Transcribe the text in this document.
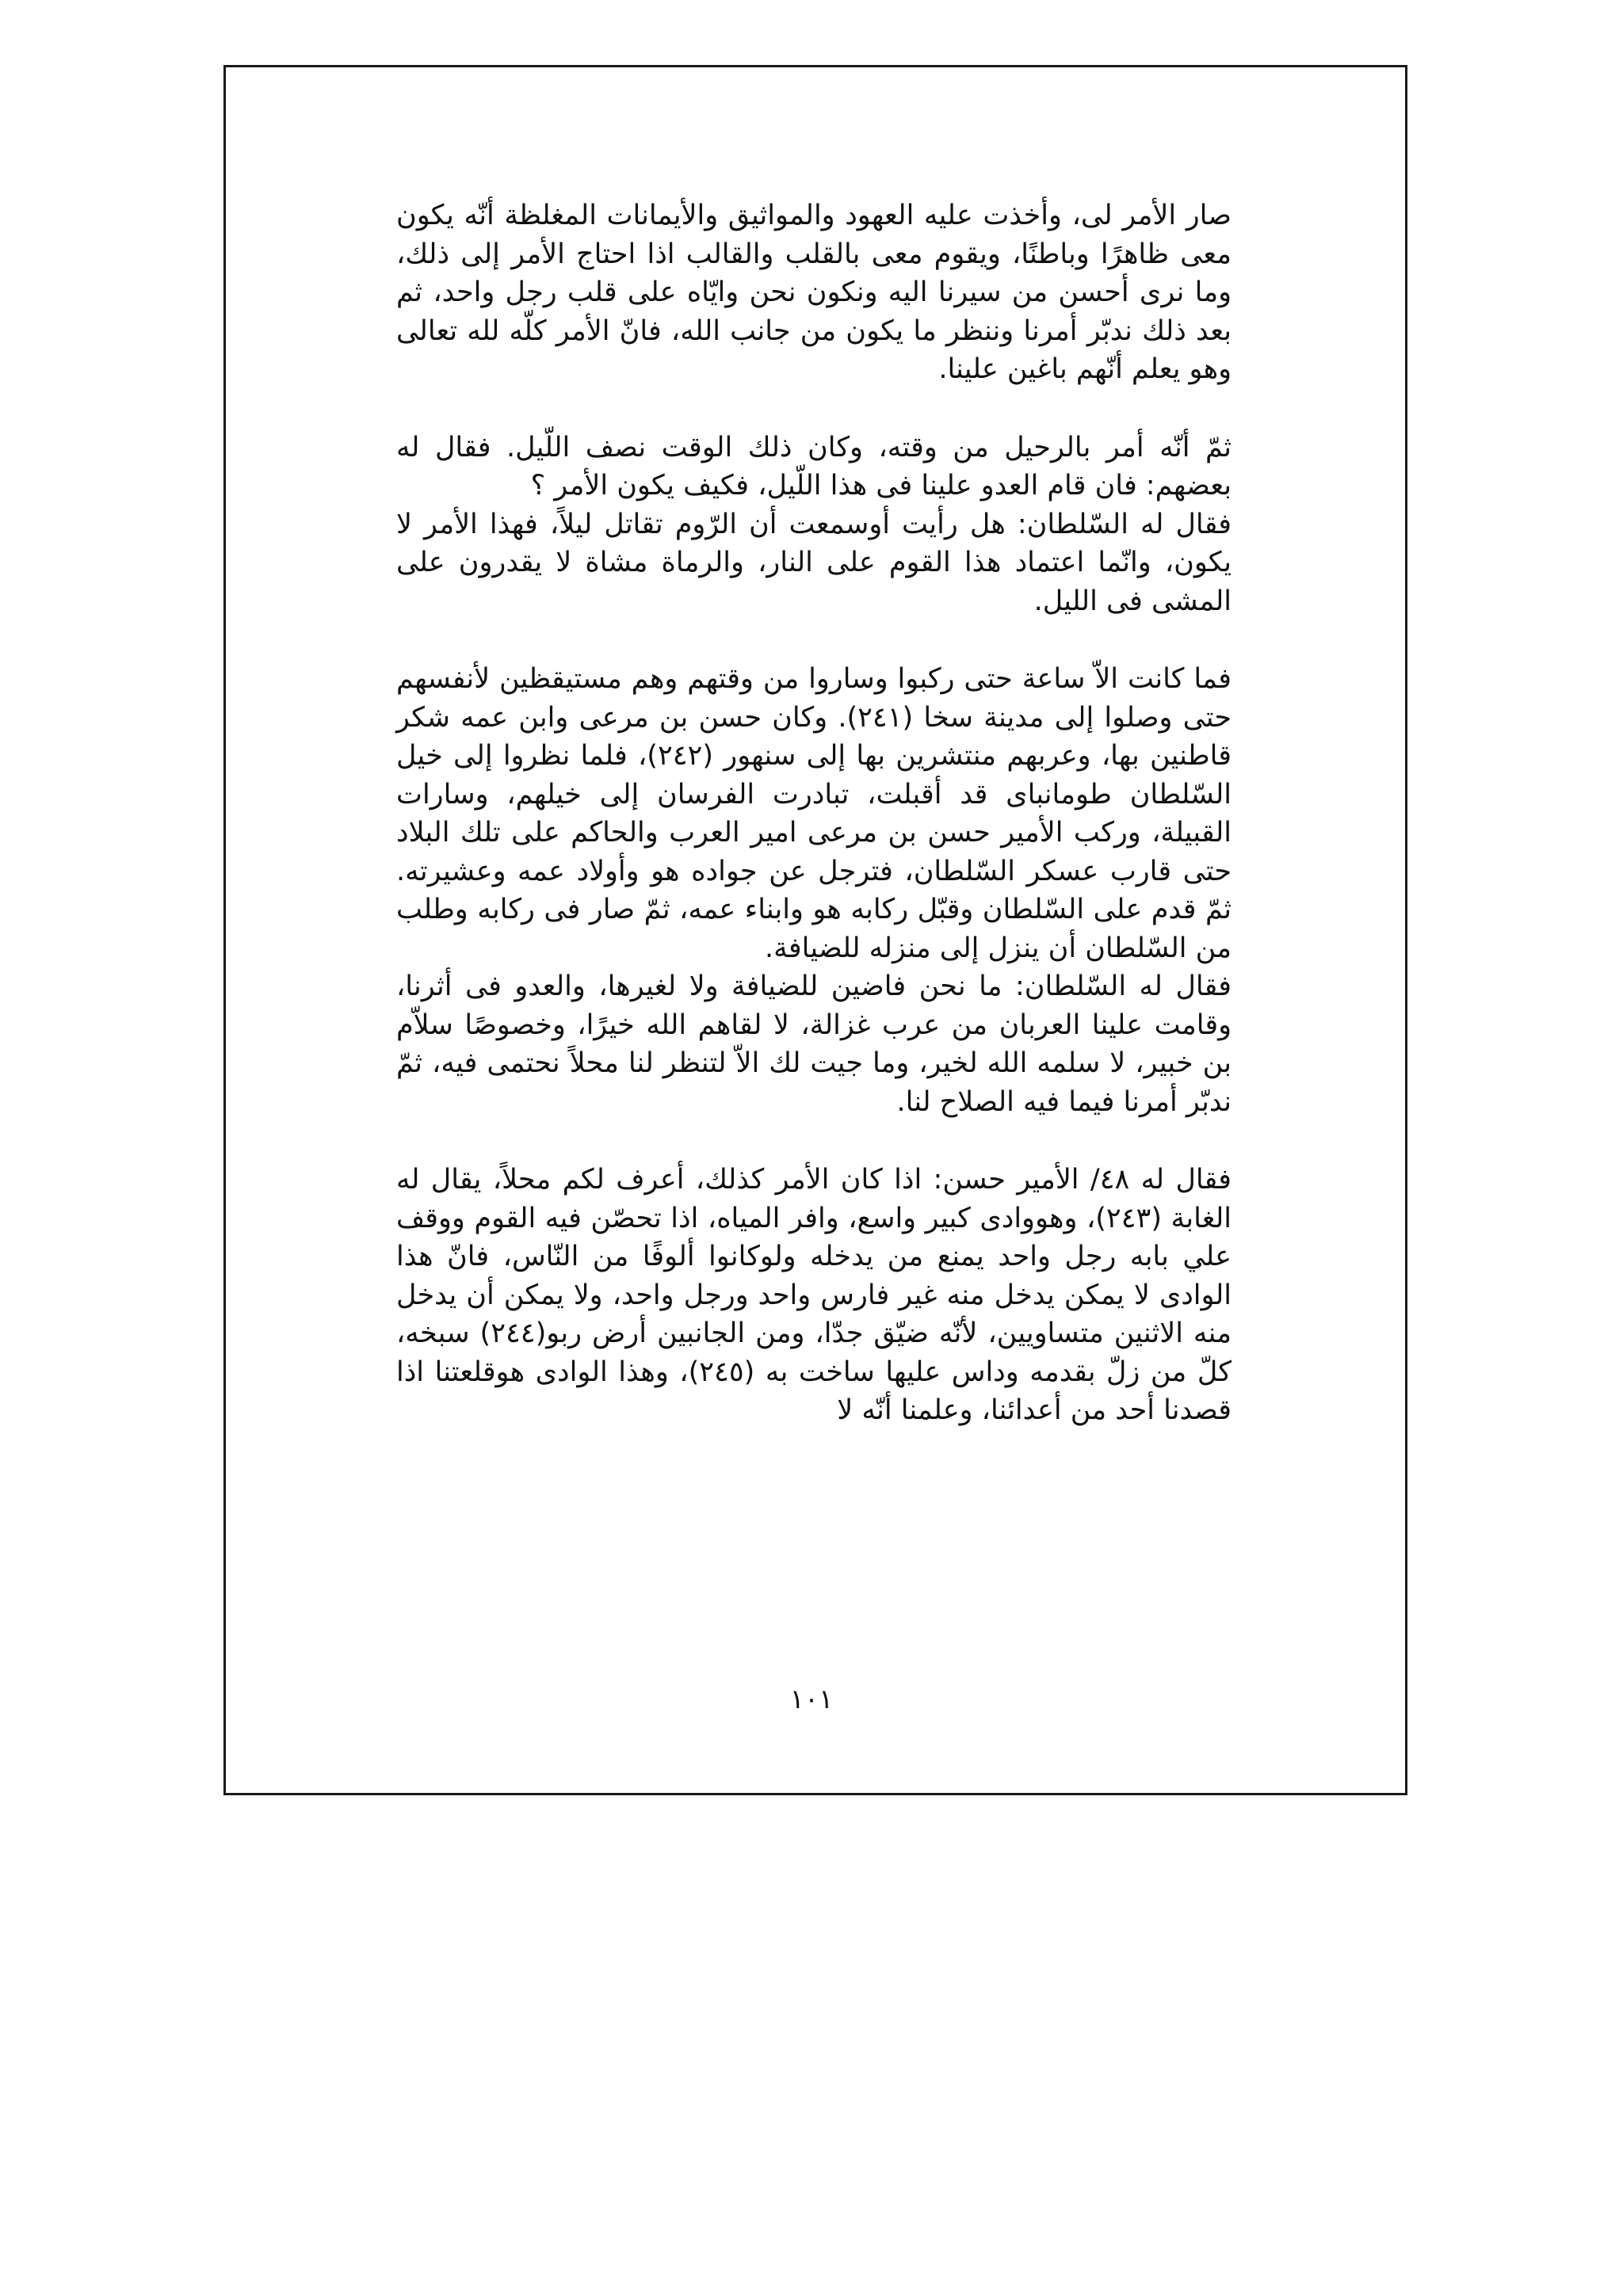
صار الأمر لى، وأخذت عليه العهود والمواثيق والأيمانات المغلظة أنّه يكون معى ظاهرًا وباطنًا، ويقوم معى بالقلب والقالب اذا احتاج الأمر إلى ذلك، وما نرى أحسن من سيرنا اليه ونكون نحن وايّاه على قلب رجل واحد، ثم بعد ذلك ندبّر أمرنا وننظر ما يكون من جانب الله، فانّ الأمر كلّه لله تعالى وهو يعلم أنّهم باغين علينا.

ثمّ أنّه أمر بالرحيل من وقته، وكان ذلك الوقت نصف اللّيل. فقال له بعضهم: فان قام العدو علينا فى هذا اللّيل، فكيف يكون الأمر ؟

فقال له السّلطان: هل رأيت أوسمعت أن الرّوم تقاتل ليلاً، فهذا الأمر لا يكون، وانّما اعتماد هذا القوم على النار، والرماة مشاة لا يقدرون على المشى فى الليل.

فما كانت الاّ ساعة حتى ركبوا وساروا من وقتهم وهم مستيقظين لأنفسهم حتى وصلوا إلى مدينة سخا (٢٤١). وكان حسن بن مرعى وابن عمه شكر قاطنين بها، وعربهم منتشرين بها إلى سنهور (٢٤٢)، فلما نظروا إلى خيل السّلطان طومانباى قد أقبلت، تبادرت الفرسان إلى خيلهم، وسارات القبيلة، وركب الأمير حسن بن مرعى امير العرب والحاكم على تلك البلاد حتى قارب عسكر السّلطان، فترجل عن جواده هو وأولاد عمه وعشيرته. ثمّ قدم على السّلطان وقبّل ركابه هو وابناء عمه، ثمّ صار فى ركابه وطلب من السّلطان أن ينزل إلى منزله للضيافة.

فقال له السّلطان: ما نحن فاضين للضيافة ولا لغيرها، والعدو فى أثرنا، وقامت علينا العربان من عرب غزالة، لا لقاهم الله خيرًا، وخصوصًا سلاّم بن خبير، لا سلمه الله لخير، وما جيت لك الاّ لتنظر لنا محلاً نحتمى فيه، ثمّ ندبّر أمرنا فيما فيه الصلاح لنا.

فقال له ٤٨/ الأمير حسن: اذا كان الأمر كذلك، أعرف لكم محلاً، يقال له الغابة (٢٤٣)، وهووادى كبير واسع، وافر المياه، اذا تحصّن فيه القوم ووقف علي بابه رجل واحد يمنع من يدخله ولوكانوا ألوفًا من النّاس، فانّ هذا الوادى لا يمكن يدخل منه غير فارس واحد ورجل واحد، ولا يمكن أن يدخل منه الاثنين متساويين، لأنّه ضيّق جدّا، ومن الجانبين أرض ربو(٢٤٤) سبخه، كلّ من زلّ بقدمه وداس عليها ساخت به (٢٤٥)، وهذا الوادى هوقلعتنا اذا قصدنا أحد من أعدائنا، وعلمنا أنّه لا

١٠١
